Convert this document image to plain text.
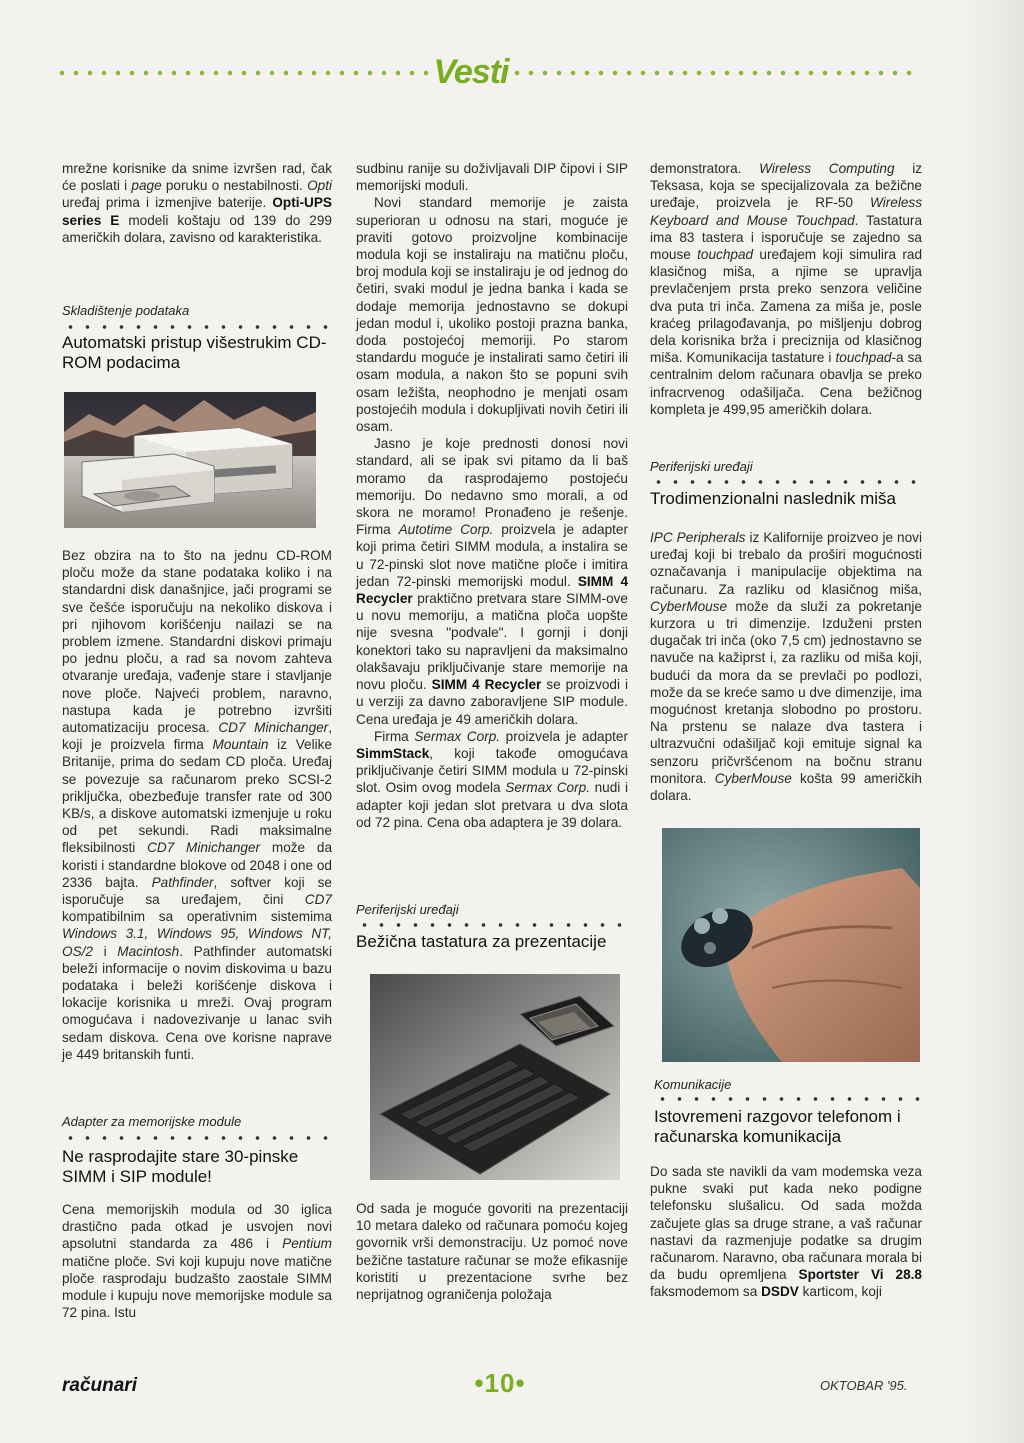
Vesti

mrežne korisnike da snime izvršen rad, čak će poslati i page poruku o nestabilnosti. Opti uređaj prima i izmenjive baterije. Opti-UPS series E modeli koštaju od 139 do 299 američkih dolara, zavisno od karakteristika.

Skladištenje podataka
Automatski pristup višestrukim CD-ROM podacima

Bez obzira na to što na jednu CD-ROM ploču može da stane podataka koliko i na standardni disk današnjice, jači programi se sve češće isporučuju na nekoliko diskova i pri njihovom korišćenju nailazi se na problem izmene. Standardni diskovi primaju po jednu ploču, a rad sa novom zahteva otvaranje uređaja, vađenje stare i stavljanje nove ploče. Najveći problem, naravno, nastupa kada je potrebno izvršiti automatizaciju procesa. CD7 Minichanger, koji je proizvela firma Mountain iz Velike Britanije, prima do sedam CD ploča. Uređaj se povezuje sa računarom preko SCSI-2 priključka, obezbeđuje transfer rate od 300 KB/s, a diskove automatski izmenjuje u roku od pet sekundi. Radi maksimalne fleksibilnosti CD7 Minichanger može da koristi i standardne blokove od 2048 i one od 2336 bajta. Pathfinder, softver koji se isporučuje sa uređajem, čini CD7 kompatibilnim sa operativnim sistemima Windows 3.1, Windows 95, Windows NT, OS/2 i Macintosh. Pathfinder automatski beleži informacije o novim diskovima u bazu podataka i beleži korišćenje diskova i lokacije korisnika u mreži. Ovaj program omogućava i nadovezivanje u lanac svih sedam diskova. Cena ove korisne naprave je 449 britanskih funti.

Adapter za memorijske module
Ne rasprodajite stare 30-pinske SIMM i SIP module!

Cena memorijskih modula od 30 iglica drastično pada otkad je usvojen novi apsolutni standarda za 486 i Pentium matične ploče. Svi koji kupuju nove matične ploče rasprodaju budzašto zaostale SIMM module i kupuju nove memorijske module sa 72 pina. Istu

sudbinu ranije su doživljavali DIP čipovi i SIP memorijski moduli.

Novi standard memorije je zaista superioran u odnosu na stari, moguće je praviti gotovo proizvoljne kombinacije modula koji se instaliraju na matičnu ploču, broj modula koji se instaliraju je od jednog do četiri, svaki modul je jedna banka i kada se dodaje memorija jednostavno se dokupi jedan modul i, ukoliko postoji prazna banka, doda postojećoj memoriji. Po starom standardu moguće je instalirati samo četiri ili osam modula, a nakon što se popuni svih osam ležišta, neophodno je menjati osam postojećih modula i dokupljivati novih četiri ili osam.

Jasno je koje prednosti donosi novi standard, ali se ipak svi pitamo da li baš moramo da rasprodajemo postojeću memoriju. Do nedavno smo morali, a od skora ne moramo! Pronađeno je rešenje. Firma Autotime Corp. proizvela je adapter koji prima četiri SIMM modula, a instalira se u 72-pinski slot nove matične ploče i imitira jedan 72-pinski memorijski modul. SIMM 4 Recycler praktično pretvara stare SIMM-ove u novu memoriju, a matična ploča uopšte nije svesna "podvale". I gornji i donji konektori tako su napravljeni da maksimalno olakšavaju priključivanje stare memorije na novu ploču. SIMM 4 Recycler se proizvodi i u verziji za davno zaboravljene SIP module. Cena uređaja je 49 američkih dolara.

Firma Sermax Corp. proizvela je adapter SimmStack, koji takođe omogućava priključivanje četiri SIMM modula u 72-pinski slot. Osim ovog modela Sermax Corp. nudi i adapter koji jedan slot pretvara u dva slota od 72 pina. Cena oba adaptera je 39 dolara.

Periferijski uređaji
Bežična tastatura za prezentacije

Od sada je moguće govoriti na prezentaciji 10 metara daleko od računara pomoću kojeg govornik vrši demonstraciju. Uz pomoć nove bežične tastature računar se može efikasnije koristiti u prezentacione svrhe bez neprijatnog ograničenja položaja

demonstratora. Wireless Computing iz Teksasa, koja se specijalizovala za bežične uređaje, proizvela je RF-50 Wireless Keyboard and Mouse Touchpad. Tastatura ima 83 tastera i isporučuje se zajedno sa mouse touchpad uređajem koji simulira rad klasičnog miša, a njime se upravlja prevlačenjem prsta preko senzora veličine dva puta tri inča. Zamena za miša je, posle kraćeg prilagođavanja, po mišljenju dobrog dela korisnika brža i preciznija od klasičnog miša. Komunikacija tastature i touchpad-a sa centralnim delom računara obavlja se preko infracrvenog odašiljača. Cena bežičnog kompleta je 499,95 američkih dolara.

Periferijski uređaji
Trodimenzionalni naslednik miša

IPC Peripherals iz Kalifornije proizveo je novi uređaj koji bi trebalo da proširi mogućnosti označavanja i manipulacije objektima na računaru. Za razliku od klasičnog miša, CyberMouse može da služi za pokretanje kurzora u tri dimenzije. Izduženi prsten dugačak tri inča (oko 7,5 cm) jednostavno se navuče na kažiprst i, za razliku od miša koji, budući da mora da se prevlači po podlozi, može da se kreće samo u dve dimenzije, ima mogućnost kretanja slobodno po prostoru. Na prstenu se nalaze dva tastera i ultrazvučni odašiljač koji emituje signal ka senzoru pričvršćenom na bočnu stranu monitora. CyberMouse košta 99 američkih dolara.

Komunikacije
Istovremeni razgovor telefonom i računarska komunikacija

Do sada ste navikli da vam modemska veza pukne svaki put kada neko podigne telefonsku slušalicu. Od sada možda začujete glas sa druge strane, a vaš računar nastavi da razmenjuje podatke sa drugim računarom. Naravno, oba računara morala bi da budu opremljena Sportster Vi 28.8 faksmodemom sa DSDV karticom, koji

računari	•10•	OKTOBAR '95.
